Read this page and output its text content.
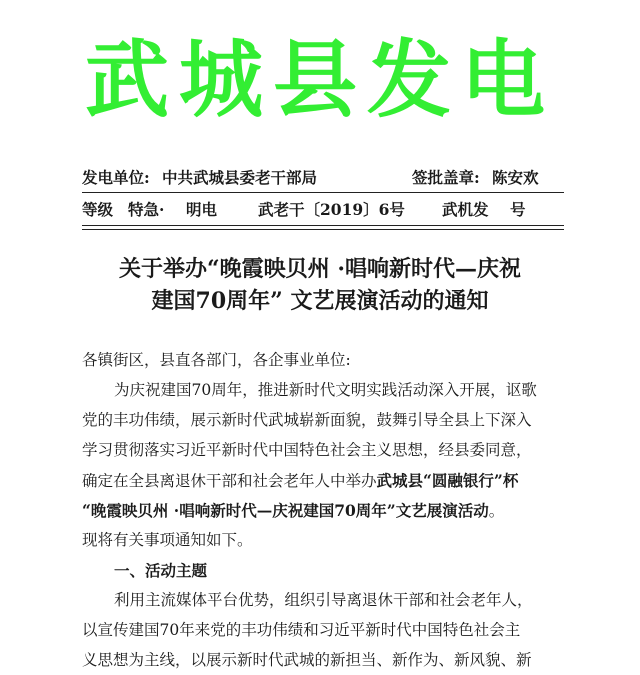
武城县发电
发电单位: 中共武城县委老干部局	签批盖章: 陈安欢
等级 特急· 明电	武老干〔2019〕6号 武机发 号
关于举办“晚霞映贝州 ·唱响新时代—庆祝
建国70周年” 文艺展演活动的通知
各镇街区，县直各部门，各企事业单位:
为庆祝建国70周年，推进新时代文明实践活动深入开展，讴歌
党的丰功伟绩，展示新时代武城崭新面貌，鼓舞引导全县上下深入
学习贯彻落实习近平新时代中国特色社会主义思想，经县委同意，
确定在全县离退休干部和社会老年人中举办武城县“圆融银行”杯
“晚霞映贝州 ·唱响新时代—庆祝建国70周年”文艺展演活动。
现将有关事项通知如下。
一、活动主题
利用主流媒体平台优势，组织引导离退休干部和社会老年人，
以宣传建国70年来党的丰功伟绩和习近平新时代中国特色社会主
义思想为主线，以展示新时代武城的新担当、新作为、新风貌、新
